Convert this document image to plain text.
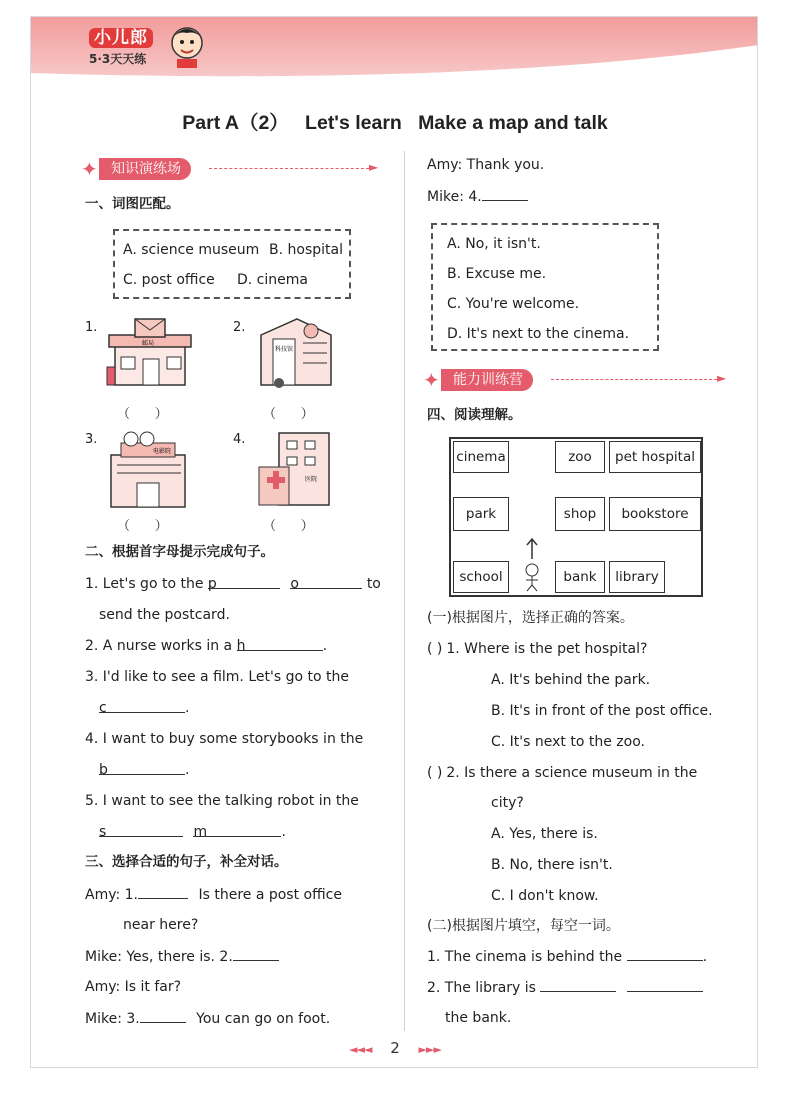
小儿郎
5·3天天练
Part A（2）   Let's learn   Make a map and talk
✦ 知识演练场	►
一、词图匹配。
A. science museum B. hospital
C. post office D. cinema
1.
邮局
（      ）
2.
科技馆
（      ）
3.
电影院
（      ）
4.
医院
（      ）
二、根据首字母提示完成句子。
1. Let's go to the p	o	to
send the postcard.
2. A nurse works in a h	.
3. I'd like to see a film. Let's go to the
c	.
4. I want to buy some storybooks in the
b	.
5. I want to see the talking robot in the
s	m	.
三、选择合适的句子，补全对话。
Amy: 1.	Is there a post office
near here?
Mike: Yes, there is. 2.
Amy: Is it far?
Mike: 3.	You can go on foot.
Amy: Thank you.
Mike: 4.
A. No, it isn't.
B. Excuse me.
C. You're welcome.
D. It's next to the cinema.
✦ 能力训练营	►
四、阅读理解。
cinema	zoo	pet hospital
park	shop	bookstore
school	bank	library
(一)根据图片，选择正确的答案。
( ) 1. Where is the pet hospital?
A. It's behind the park.
B. It's in front of the post office.
C. It's next to the zoo.
( ) 2. Is there a science museum in the
city?
A. Yes, there is.
B. No, there isn't.
C. I don't know.
(二)根据图片填空，每空一词。
1. The cinema is behind the	.
2. The library is
the bank.
◄◄◄ 2 ►►►
